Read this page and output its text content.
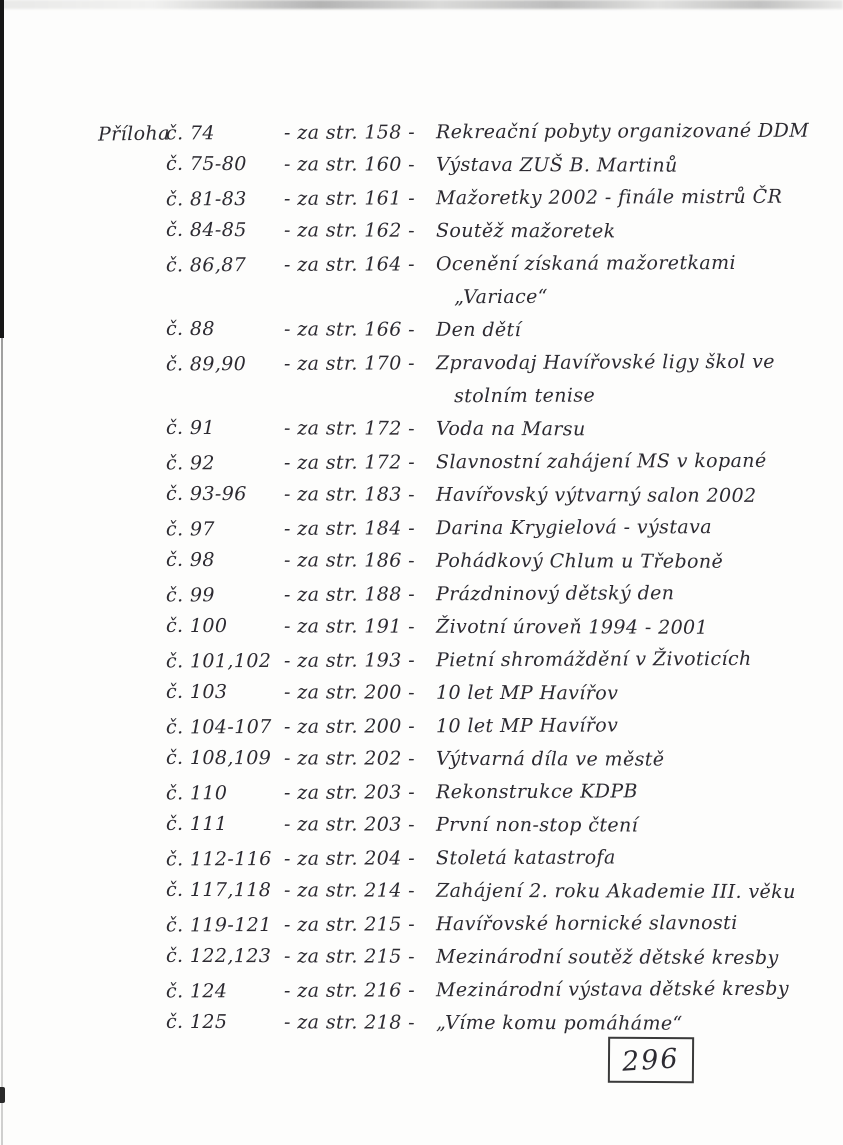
Příloha
č. 74	- za str. 158 -	Rekreační pobyty organizované DDM
č. 75-80	- za str. 160 -	Výstava ZUŠ B. Martinů
č. 81-83	- za str. 161 -	Mažoretky 2002 - finále mistrů ČR
č. 84-85	- za str. 162 -	Soutěž mažoretek
č. 86,87	- za str. 164 -	Ocenění získaná mažoretkami
„Variace“
č. 88	- za str. 166 -	Den dětí
č. 89,90	- za str. 170 -	Zpravodaj Havířovské ligy škol ve
stolním tenise
č. 91	- za str. 172 -	Voda na Marsu
č. 92	- za str. 172 -	Slavnostní zahájení MS v kopané
č. 93-96	- za str. 183 -	Havířovský výtvarný salon 2002
č. 97	- za str. 184 -	Darina Krygielová - výstava
č. 98	- za str. 186 -	Pohádkový Chlum u Třeboně
č. 99	- za str. 188 -	Prázdninový dětský den
č. 100	- za str. 191 -	Životní úroveň 1994 - 2001
č. 101,102 - za str. 193 -	Pietní shromáždění v Životicích
č. 103	- za str. 200 -	10 let MP Havířov
č. 104-107 - za str. 200 -	10 let MP Havířov
č. 108,109 - za str. 202 -	Výtvarná díla ve městě
č. 110	- za str. 203 -	Rekonstrukce KDPB
č. 111	- za str. 203 -	První non-stop čtení
č. 112-116 - za str. 204 -	Stoletá katastrofa
č. 117,118 - za str. 214 -	Zahájení 2. roku Akademie III. věku
č. 119-121 - za str. 215 -	Havířovské hornické slavnosti
č. 122,123 - za str. 215 -	Mezinárodní soutěž dětské kresby
č. 124	- za str. 216 -	Mezinárodní výstava dětské kresby
č. 125	- za str. 218 -	„Víme komu pomáháme“
296
